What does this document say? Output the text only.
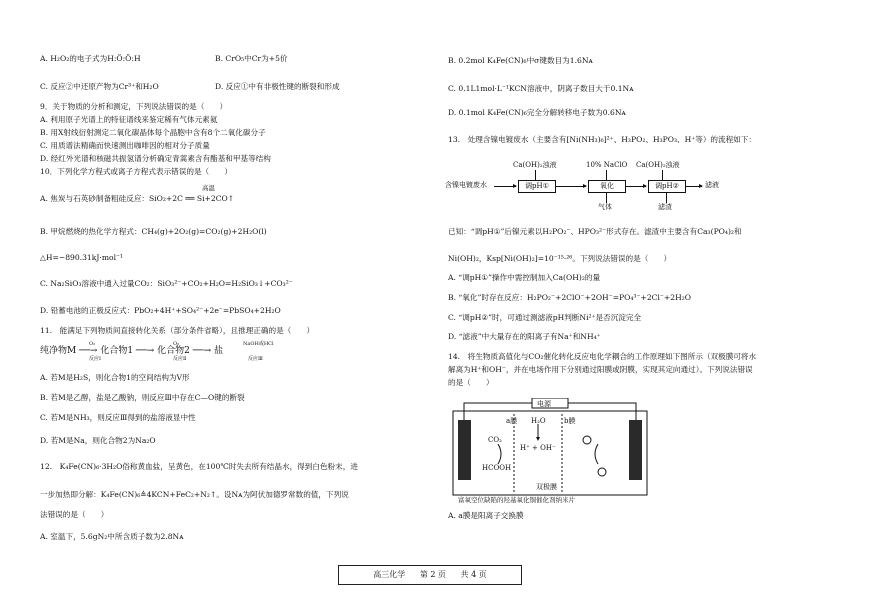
A. H₂O₂的电子式为H:Ö:Ö:H	B. CrO₅中Cr为+5价
C. 反应②中还原产物为Cr³⁺和H₂O	D. 反应①中有非极性键的断裂和形成
9．关于物质的分析和测定，下列说法错误的是（　　）
A. 利用原子光谱上的特征谱线来鉴定稀有气体元素氦
B. 用X射线衍射测定二氧化碳晶体每个晶胞中含有8个二氧化碳分子
C. 用质谱法精确而快速测出咖啡因的相对分子质量
D. 经红外光谱和核磁共振氢谱分析确定青蒿素含有酯基和甲基等结构
10．下列化学方程式或离子方程式表示错误的是（　　）
高温
A. 焦炭与石英砂制备粗硅反应：SiO₂+2C ══ Si+2CO↑
B. 甲烷燃烧的热化学方程式：CH₄(g)+2O₂(g)=CO₂(g)+2H₂O(l)
△H=−890.31kJ·mol⁻¹
C. Na₂SiO₃溶液中通入过量CO₂：SiO₃²⁻+CO₂+H₂O=H₂SiO₃↓+CO₃²⁻
D. 铅蓄电池的正极反应式：PbO₂+4H⁺+SO₄²⁻+2e⁻=PbSO₄+2H₂O
11.　能满足下列物质间直接转化关系（部分条件省略），且推理正确的是（　　）
O₂	O₂	NaOH或HCl
纯净物M ──→ 化合物1 ──→ 化合物2 ──→ 盐
反应Ⅰ	反应Ⅱ	反应Ⅲ
A. 若M是H₂S，则化合物1的空间结构为V形
B. 若M是乙醇，盐是乙酸钠，则反应Ⅲ中存在C—O键的断裂
C. 若M是NH₃，则反应Ⅲ得到的盐溶液显中性
D. 若M是Na，则化合物2为Na₂O
12.　K₄Fe(CN)₆·3H₂O俗称黄血盐，呈黄色，在100℃时失去所有结晶水，得到白色粉末，进
一步加热即分解：K₄Fe(CN)₆≜4KCN+FeC₂+N₂↑。设Nᴀ为阿伏加德罗常数的值，下列说
法错误的是（　　）
A. 室温下，5.6gN₂中所含质子数为2.8Nᴀ
B. 0.2mol K₄Fe(CN)₆中σ键数目为1.6Nᴀ
C. 0.1L1mol·L⁻¹KCN溶液中，阴离子数目大于0.1Nᴀ
D. 0.1mol K₄Fe(CN)₆完全分解转移电子数为0.6Nᴀ
13.　处理含镍电镀废水（主要含有[Ni(NH₃)₆]²⁺、H₃PO₂、H₃PO₃、H⁺等）的流程如下：
Ca(OH)₂浊液	10% NaClO Ca(OH)₂浊液
含镍电镀废水	调pH①	氧化	调pH②	滤液
气体	滤渣
已知：“调pH①”后镍元素以H₂PO₂⁻、HPO₃²⁻形式存在。滤渣中主要含有Ca₃(PO₄)₂和
Ni(OH)₂，Ksp[Ni(OH)₂]=10⁻¹⁵·²⁶。下列说法错误的是（　　）
A. “调pH①”操作中需控制加入Ca(OH)₂的量
B. “氧化”时存在反应：H₂PO₂⁻+2ClO⁻+2OH⁻=PO₄³⁻+2Cl⁻+2H₂O
C. “调pH②”时，可通过测滤液pH判断Ni²⁺是否沉淀完全
D. “滤液”中大量存在的阳离子有Na⁺和NH₄⁺
14.　将生物质高值化与CO₂催化转化反应电化学耦合的工作原理如下图所示（双极膜可将水
解离为H⁺和OH⁻，并在电场作用下分别通过阳膜或阴膜，实现其定向通过）。下列说法错误
的是（　　）
A. a膜是阳离子交换膜
电源
a膜	b膜
CO₂
HCOOH
H₂O
H⁺ + OH⁻
双极膜
富氧空位缺陷的羟基氧化铜催化剂纳米片
高三化学 第 2 页 共 4 页
